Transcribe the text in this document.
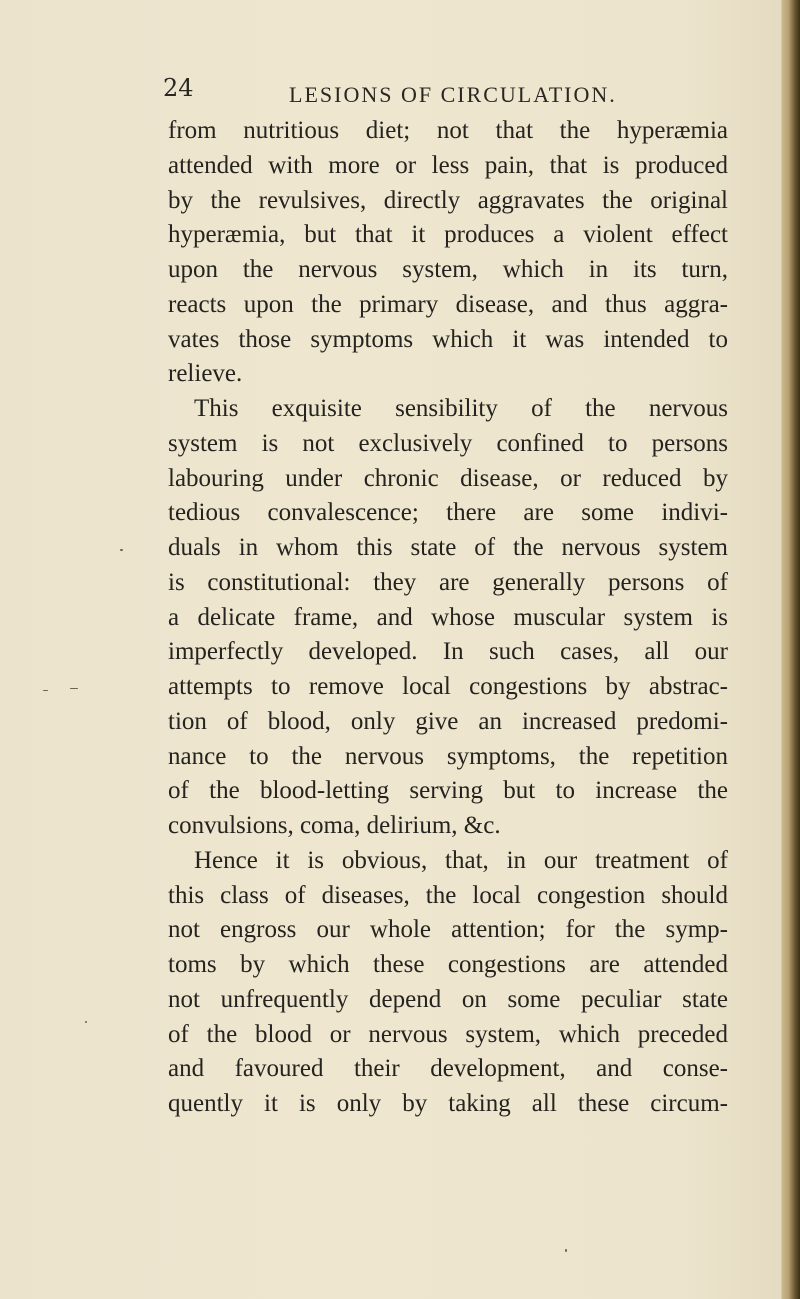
24	LESIONS OF CIRCULATION.
from nutritious diet; not that the hyperæmia
attended with more or less pain, that is produced
by the revulsives, directly aggravates the original
hyperæmia, but that it produces a violent effect
upon the nervous system, which in its turn,
reacts upon the primary disease, and thus aggra-
vates those symptoms which it was intended to
relieve.
This exquisite sensibility of the nervous
system is not exclusively confined to persons
labouring under chronic disease, or reduced by
tedious convalescence; there are some indivi-
duals in whom this state of the nervous system
is constitutional: they are generally persons of
a delicate frame, and whose muscular system is
imperfectly developed. In such cases, all our
attempts to remove local congestions by abstrac-
tion of blood, only give an increased predomi-
nance to the nervous symptoms, the repetition
of the blood-letting serving but to increase the
convulsions, coma, delirium, &c.
Hence it is obvious, that, in our treatment of
this class of diseases, the local congestion should
not engross our whole attention; for the symp-
toms by which these congestions are attended
not unfrequently depend on some peculiar state
of the blood or nervous system, which preceded
and favoured their development, and conse-
quently it is only by taking all these circum-
